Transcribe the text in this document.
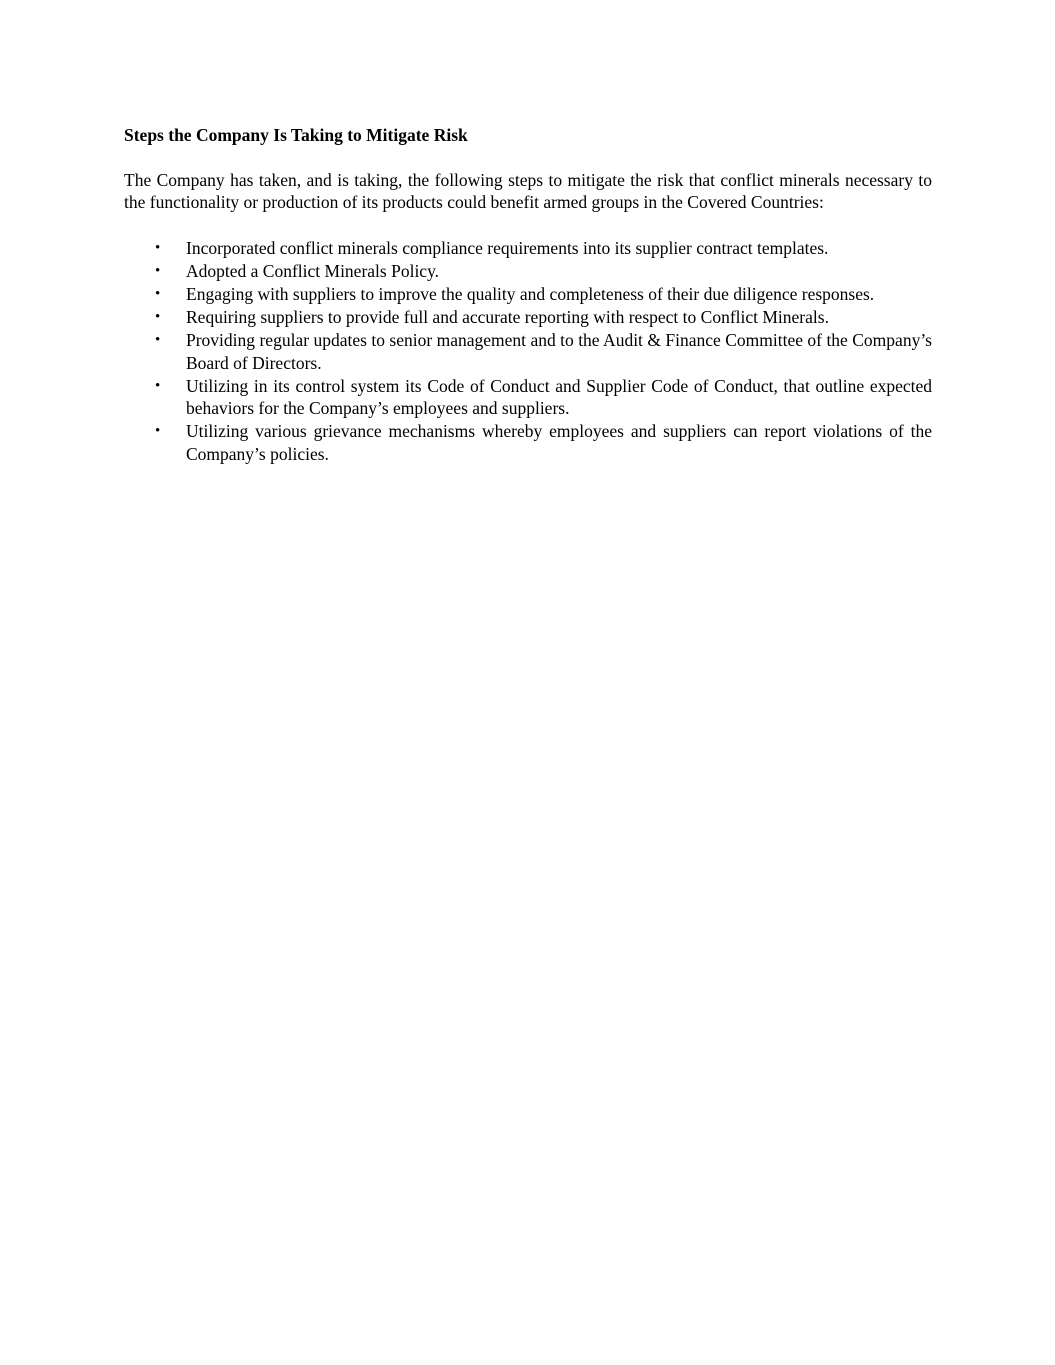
Steps the Company Is Taking to Mitigate Risk

The Company has taken, and is taking, the following steps to mitigate the risk that conflict minerals necessary to the functionality or production of its products could benefit armed groups in the Covered Countries:

• Incorporated conflict minerals compliance requirements into its supplier contract templates.
• Adopted a Conflict Minerals Policy.
• Engaging with suppliers to improve the quality and completeness of their due diligence responses.
• Requiring suppliers to provide full and accurate reporting with respect to Conflict Minerals.
• Providing regular updates to senior management and to the Audit & Finance Committee of the Company’s Board of Directors.
• Utilizing in its control system its Code of Conduct and Supplier Code of Conduct, that outline expected behaviors for the Company’s employees and suppliers.
• Utilizing various grievance mechanisms whereby employees and suppliers can report violations of the Company’s policies.
